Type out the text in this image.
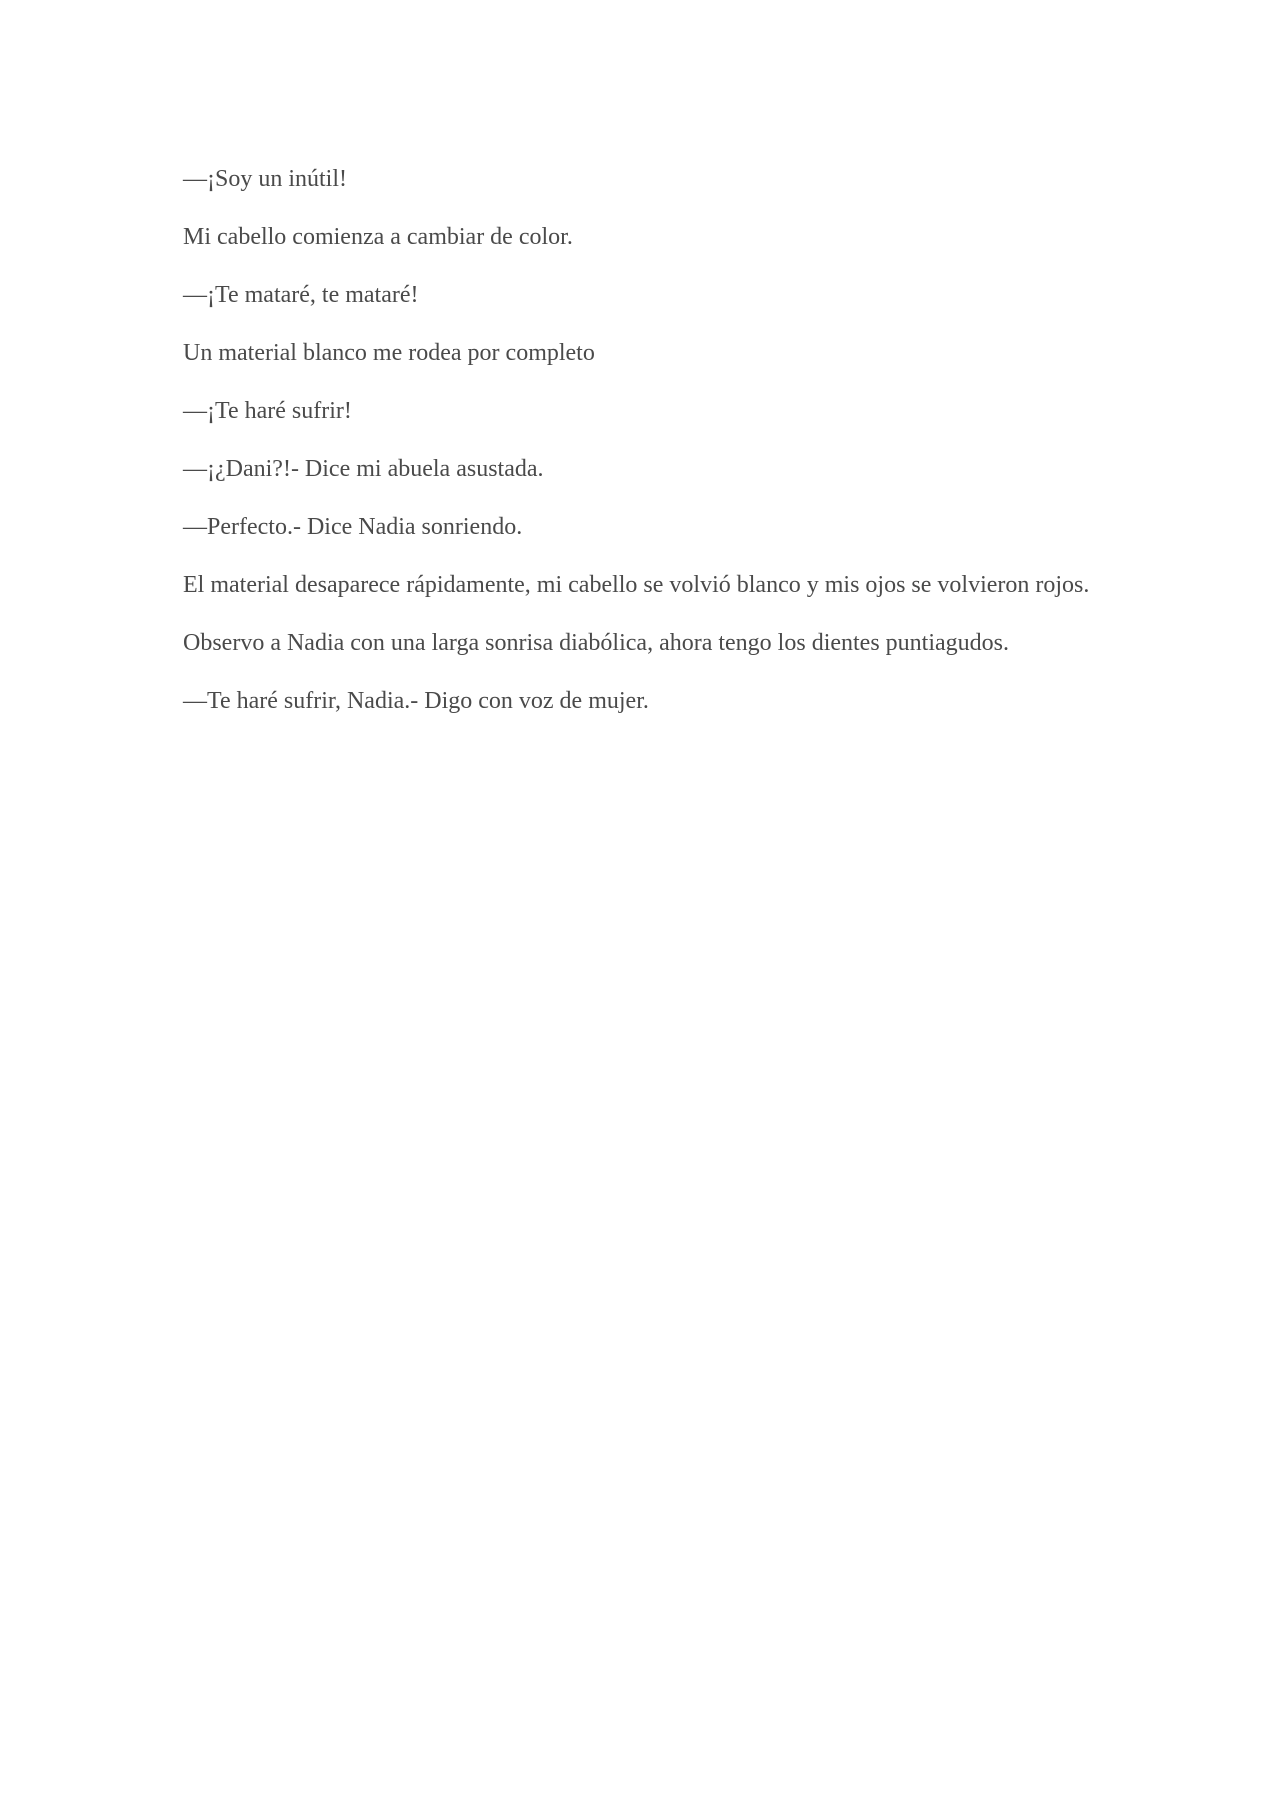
—¡Soy un inútil!

Mi cabello comienza a cambiar de color.

—¡Te mataré, te mataré!

Un material blanco me rodea por completo

—¡Te haré sufrir!

—¡¿Dani?!- Dice mi abuela asustada.

—Perfecto.- Dice Nadia sonriendo.

El material desaparece rápidamente, mi cabello se volvió blanco y mis ojos se volvieron rojos.

Observo a Nadia con una larga sonrisa diabólica, ahora tengo los dientes puntiagudos.

—Te haré sufrir, Nadia.- Digo con voz de mujer.
